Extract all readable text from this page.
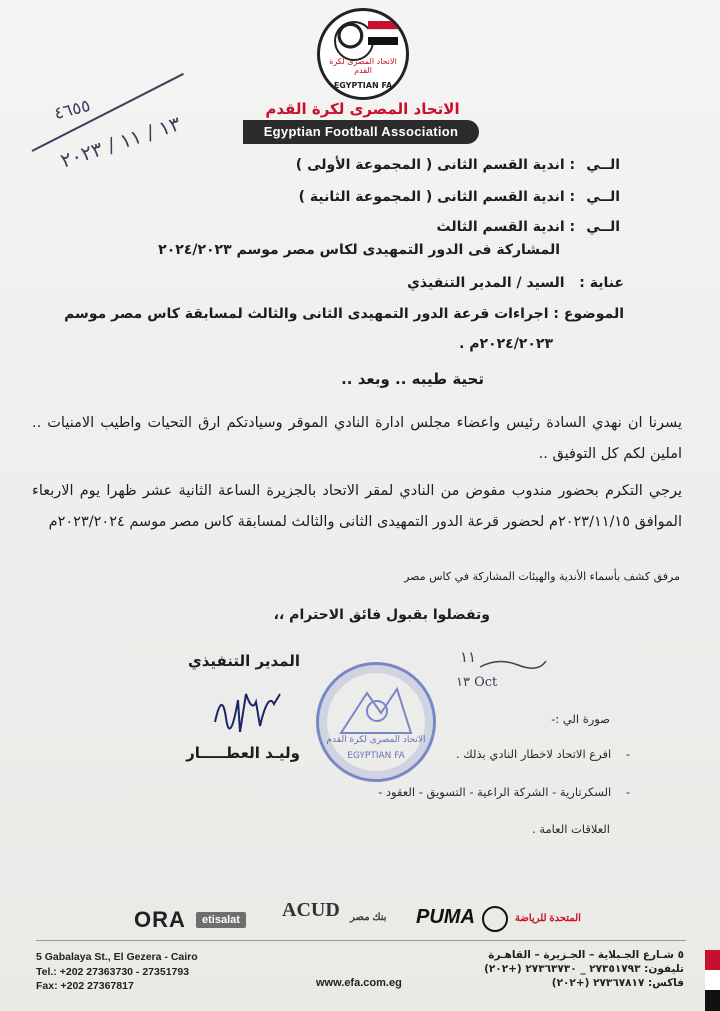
الاتحاد المصرى لكرة القدم
EGYPTIAN FA
الاتحاد المصرى لكرة القدم
Egyptian Football Association
٤٦٥٥
١٣ / ١١ / ٢٠٢٣
الــي : اندية القسم الثانى ( المجموعة الأولى )
الــي : اندية القسم الثانى ( المجموعة الثانية )
الــي : اندية القسم الثالث
المشاركة فى الدور التمهيدى لكاس مصر موسم ٢٠٢٤/٢٠٢٣
عناية :   السيد / المدير التنفيذي
الموضوع : اجراءات قرعة الدور التمهيدى الثانى والثالث لمسابقة كاس مصر موسم
٢٠٢٤/٢٠٢٣م .
تحية طيبه .. وبعد ..
يسرنا ان نهدي السادة رئيس واعضاء مجلس ادارة النادي الموقر وسيادتكم ارق التحيات واطيب الامنيات .. املين لكم كل التوفيق ..
يرجي التكرم بحضور مندوب مفوض من النادي لمقر الاتحاد بالجزيرة الساعة الثانية عشر ظهرا يوم الاربعاء الموافق ٢٠٢٣/١١/١٥م لحضور قرعة الدور التمهيدى الثانى والثالث لمسابقة كاس مصر موسم ٢٠٢٣/٢٠٢٤م
مرفق كشف بأسماء الأندية والهيئات المشاركة في كاس مصر
وتفضلوا بقبول فائق الاحترام ،،
المدير التنفيذي
وليـد العطـــــار
الاتحاد المصرى لكرة القدم
EGYPTIAN FA
١١
١٣ Oct
صورة الي :-
-    افرع الاتحاد لاخطار النادي بذلك .
-    السكرتارية - الشركة الراعية - التسويق - العقود -
العلاقات العامة .
ORA	etisalat	ACUD بنك مصر PUMA	المتحدة للرياضة
5 Gabalaya St., El Gezera - Cairo
Tel.: +202 27363730 - 27351793
Fax: +202 27367817	www.efa.com.eg
٥ شـارع الجـبلاية – الجـزيرة – القاهـرة
تليفون: ٢٧٣٥١٧٩٣ _ ٢٧٣٦٣٧٣٠ (+٢٠٢)
فاكس: ٢٧٣٦٧٨١٧ (+٢٠٢)
